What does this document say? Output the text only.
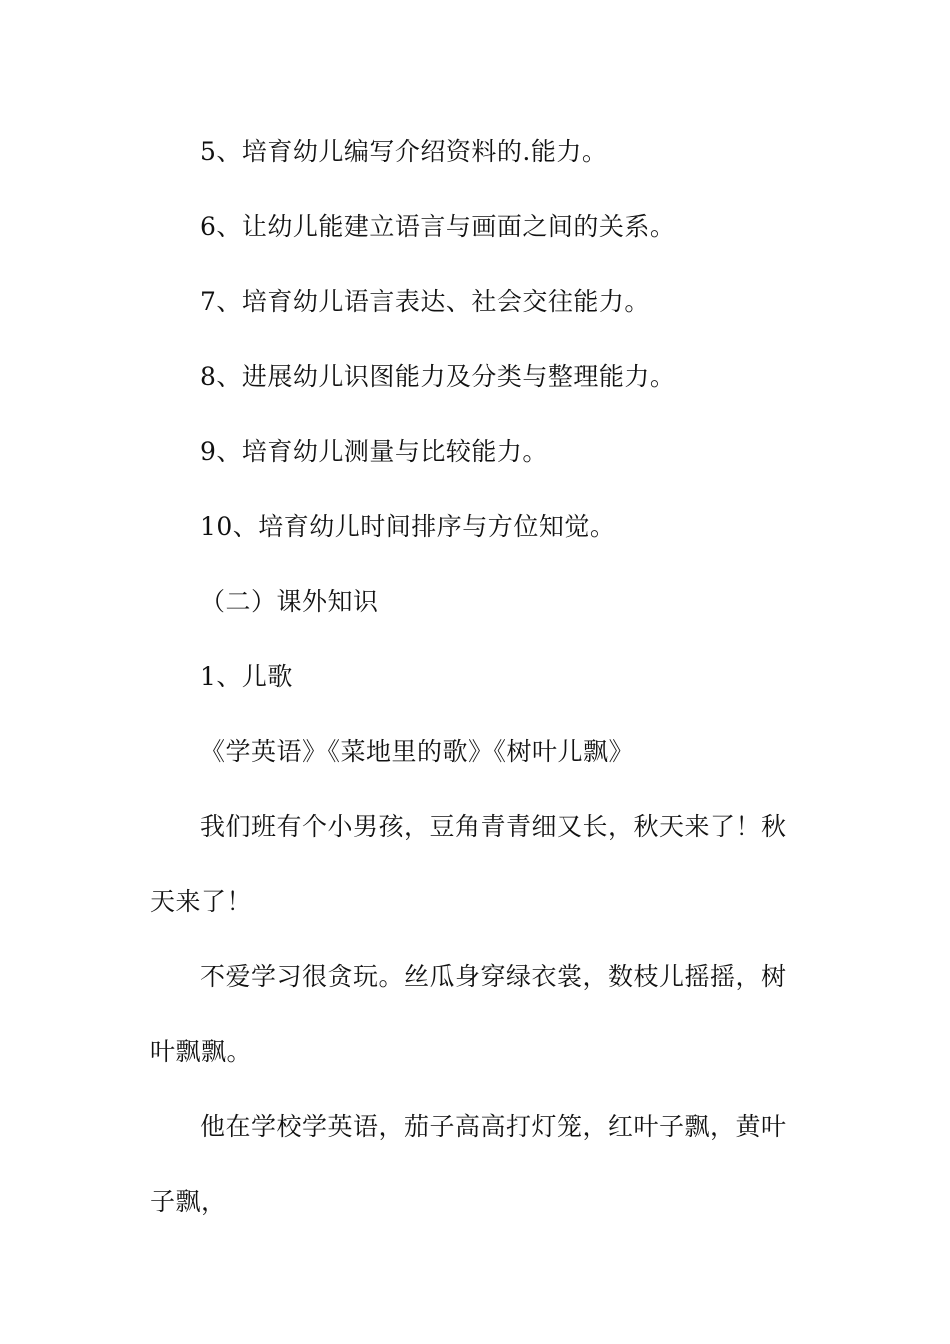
5、培育幼儿编写介绍资料的.能力。
6、让幼儿能建立语言与画面之间的关系。
7、培育幼儿语言表达、社会交往能力。
8、进展幼儿识图能力及分类与整理能力。
9、培育幼儿测量与比较能力。
10、培育幼儿时间排序与方位知觉。
（二）课外知识
1、儿歌
《学英语》《菜地里的歌》《树叶儿飘》
我们班有个小男孩，豆角青青细又长，秋天来了！秋
天来了！
不爱学习很贪玩。丝瓜身穿绿衣裳，数枝儿摇摇，树
叶飘飘。
他在学校学英语，茄子高高打灯笼，红叶子飘，黄叶
子飘，
